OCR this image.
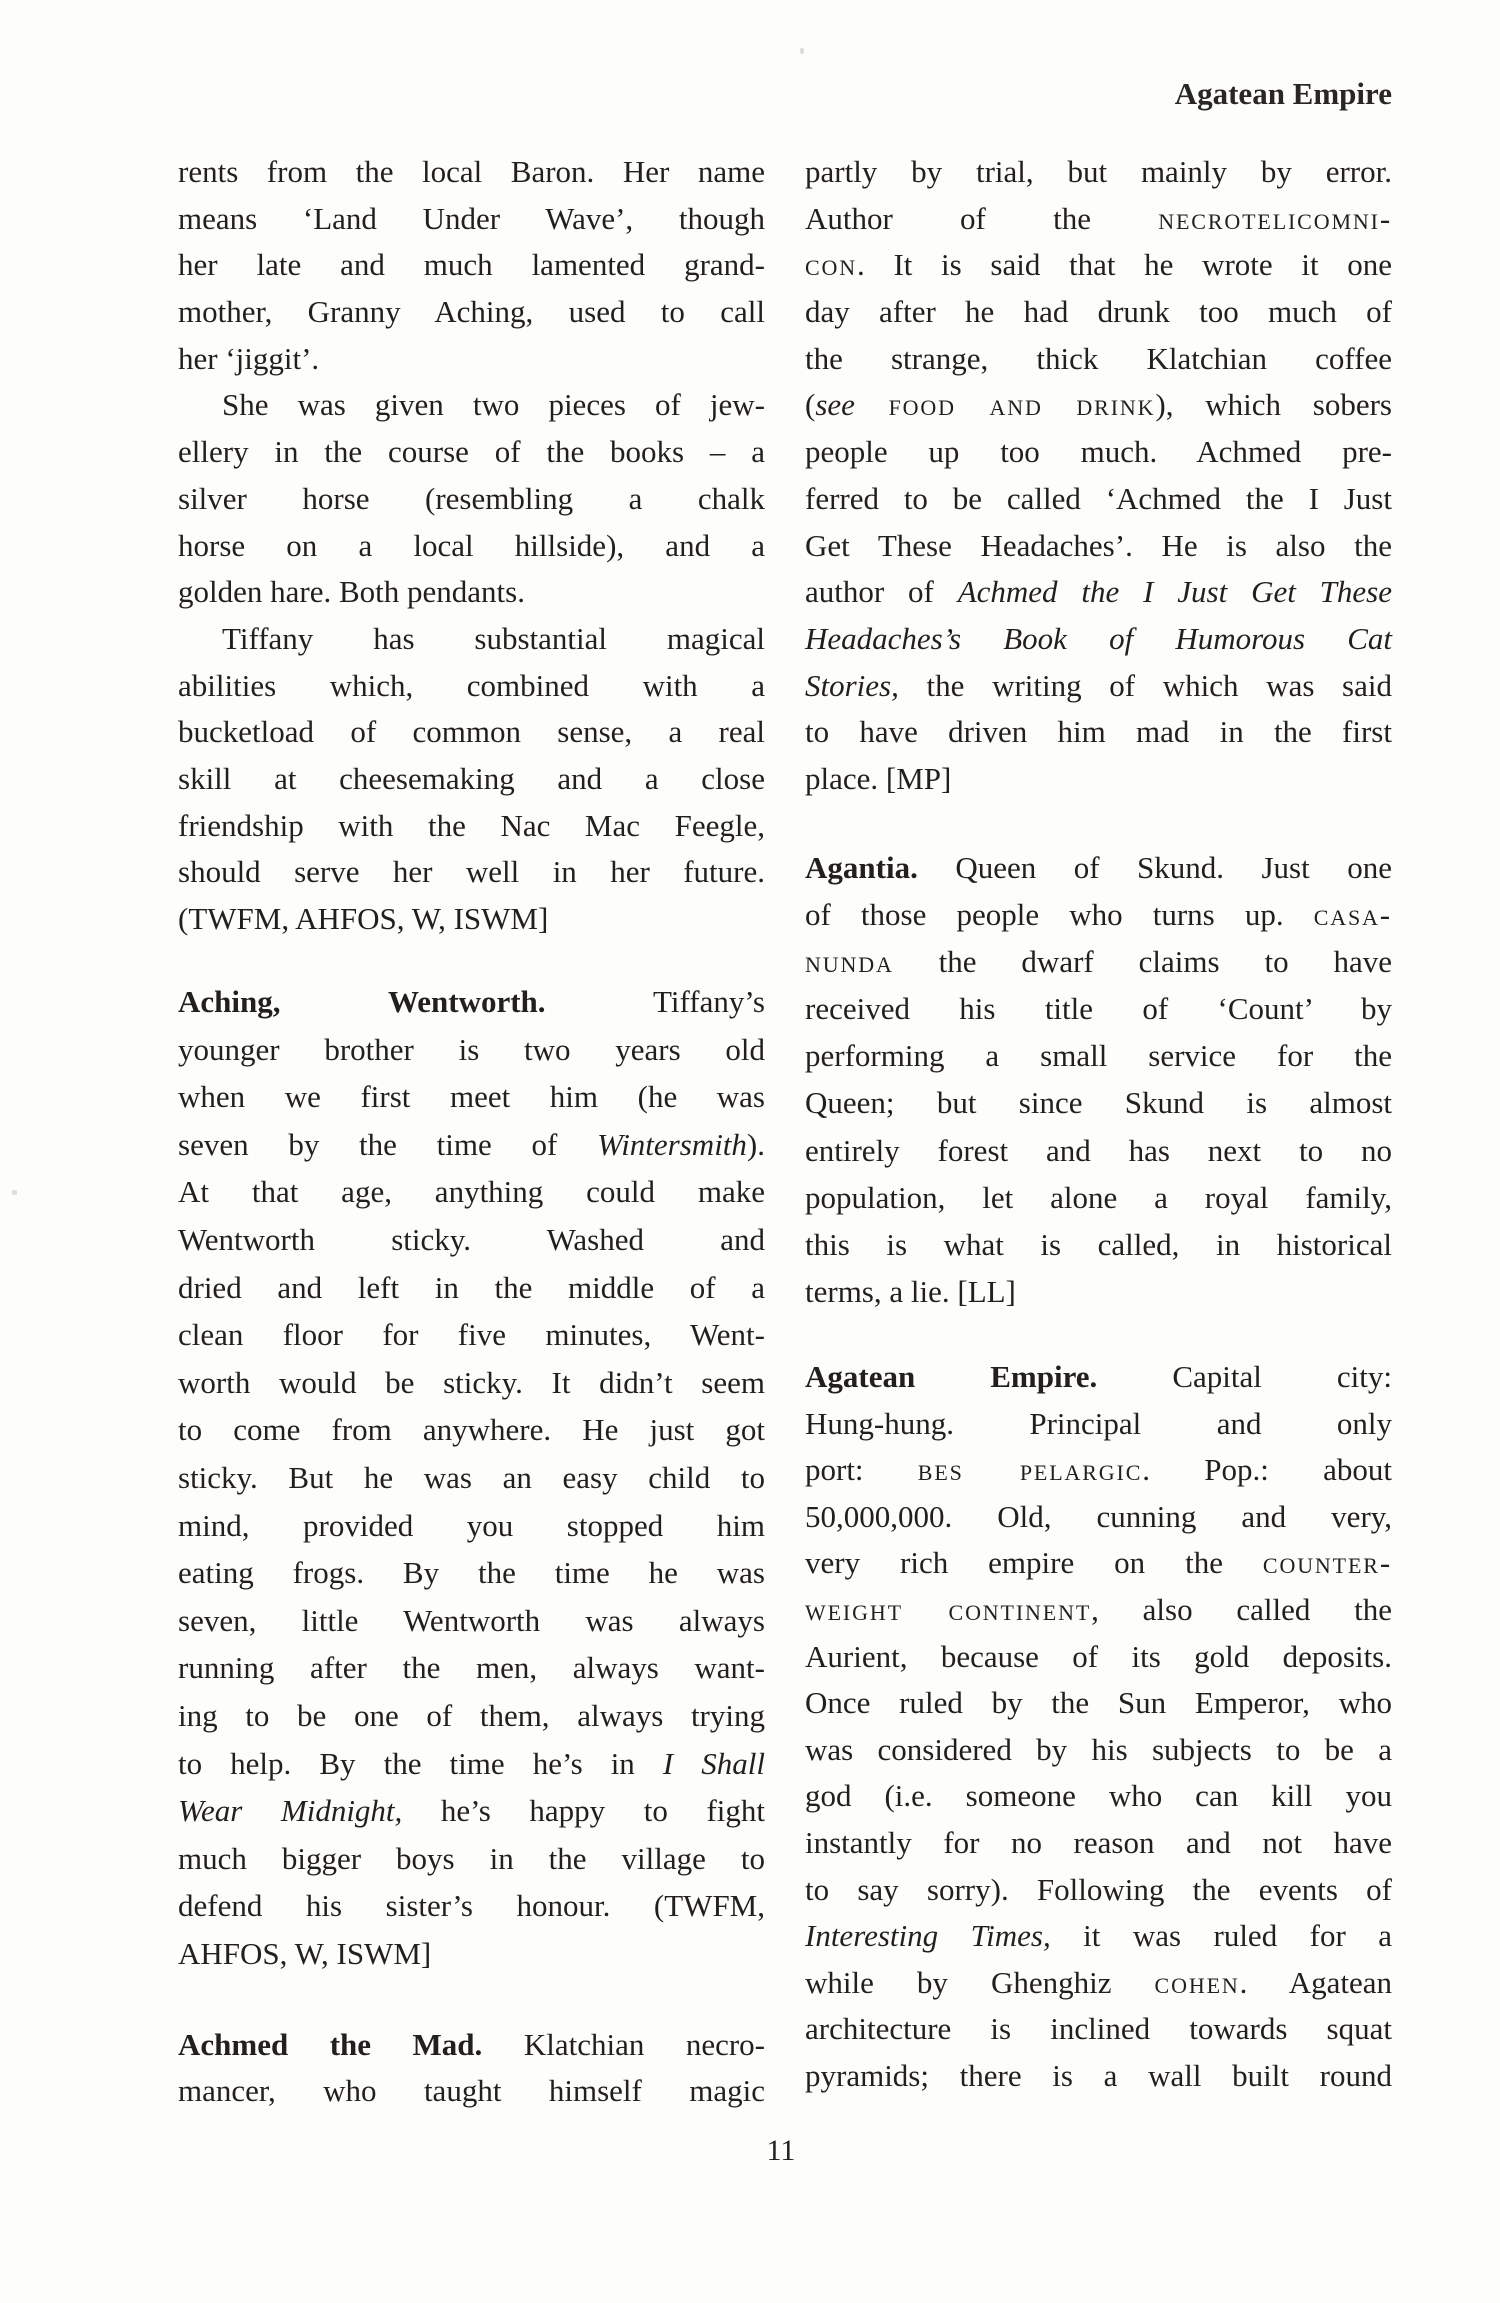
Agatean Empire
rents from the local Baron. Her name
means ‘Land Under Wave’, though
her late and much lamented grand-
mother, Granny Aching, used to call
her ‘jiggit’.
She was given two pieces of jew-
ellery in the course of the books – a
silver horse (resembling a chalk
horse on a local hillside), and a
golden hare. Both pendants.
Tiffany has substantial magical
abilities which, combined with a
bucketload of common sense, a real
skill at cheesemaking and a close
friendship with the Nac Mac Feegle,
should serve her well in her future.
(TWFM, AHFOS, W, ISWM]
Aching, Wentworth. Tiffany’s
younger brother is two years old
when we first meet him (he was
seven by the time of Wintersmith).
At that age, anything could make
Wentworth sticky. Washed and
dried and left in the middle of a
clean floor for five minutes, Went-
worth would be sticky. It didn’t seem
to come from anywhere. He just got
sticky. But he was an easy child to
mind, provided you stopped him
eating frogs. By the time he was
seven, little Wentworth was always
running after the men, always want-
ing to be one of them, always trying
to help. By the time he’s in I Shall
Wear Midnight, he’s happy to fight
much bigger boys in the village to
defend his sister’s honour. (TWFM,
AHFOS, W, ISWM]
Achmed the Mad. Klatchian necro-
mancer, who taught himself magic
partly by trial, but mainly by error.
Author of the necrotelicomni-
con. It is said that he wrote it one
day after he had drunk too much of
the strange, thick Klatchian coffee
(see food and drink), which sobers
people up too much. Achmed pre-
ferred to be called ‘Achmed the I Just
Get These Headaches’. He is also the
author of Achmed the I Just Get These
Headaches’s Book of Humorous Cat
Stories, the writing of which was said
to have driven him mad in the first
place. [MP]
Agantia. Queen of Skund. Just one
of those people who turns up. casa-
nunda the dwarf claims to have
received his title of ‘Count’ by
performing a small service for the
Queen; but since Skund is almost
entirely forest and has next to no
population, let alone a royal family,
this is what is called, in historical
terms, a lie. [LL]
Agatean Empire. Capital city:
Hung-hung. Principal and only
port: bes pelargic. Pop.: about
50,000,000. Old, cunning and very,
very rich empire on the counter-
weight continent, also called the
Aurient, because of its gold deposits.
Once ruled by the Sun Emperor, who
was considered by his subjects to be a
god (i.e. someone who can kill you
instantly for no reason and not have
to say sorry). Following the events of
Interesting Times, it was ruled for a
while by Ghenghiz cohen. Agatean
architecture is inclined towards squat
pyramids; there is a wall built round
11
